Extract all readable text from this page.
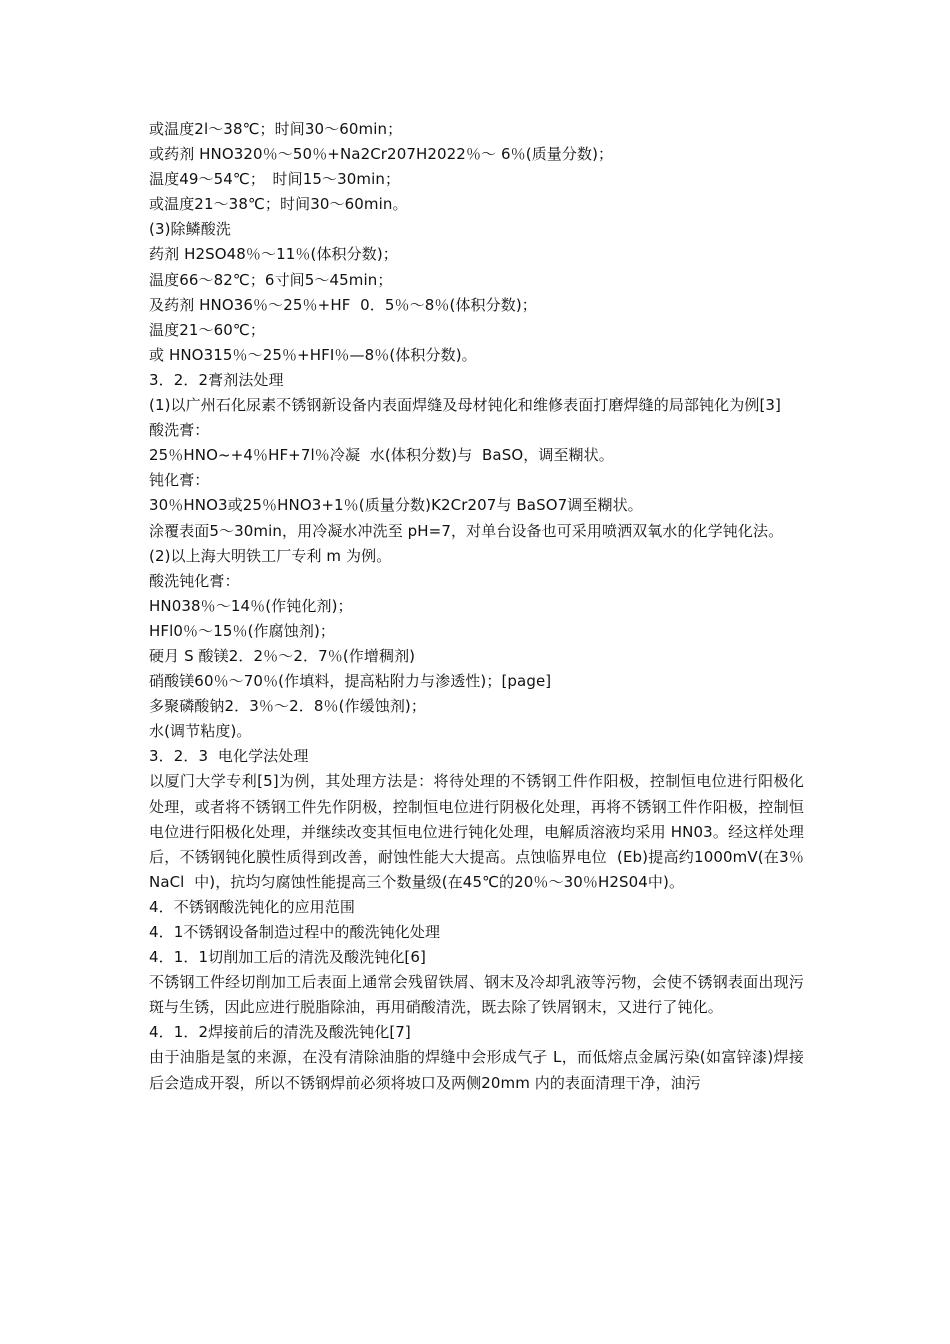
或温度2l～38℃；时间30～60min；

或药剂 HNO320％～50％+Na2Cr207H2022％～ 6％(质量分数)；

温度49～54℃；　时间15～30min；

或温度21～38℃；时间30～60min。

(3)除鳞酸洗

药剂 H2SO48％～11％(体积分数)；

温度66～82℃；6寸间5～45min；

及药剂 HNO36％～25％+HF  0．5％～8％(体积分数)；

温度21～60℃；

或 HNO315％～25％+HFI％—8％(体积分数)。

3．2．2膏剂法处理

(1)以广州石化尿素不锈钢新设备内表面焊缝及母材钝化和维修表面打磨焊缝的局部钝化为例[3]

酸洗膏：

25％HNO~+4％HF+7l％冷凝  水(体积分数)与  BaSO，调至糊状。

钝化膏：

30％HNO3或25％HNO3+1％(质量分数)K2Cr207与 BaSO7调至糊状。

涂覆表面5～30min，用冷凝水冲洗至 pH=7，对单台设备也可采用喷洒双氧水的化学钝化法。

(2)以上海大明铁工厂专利 m 为例。

酸洗钝化膏：

HN038％～14％(作钝化剂)；

HFl0％～15％(作腐蚀剂)；

硬月 S 酸镁2．2％～2．7％(作增稠剂)

硝酸镁60％～70％(作填料，提高粘附力与渗透性)；[page]

多聚磷酸钠2．3％～2．8％(作缓蚀剂)；

水(调节粘度)。

3．2．3  电化学法处理

以厦门大学专利[5]为例，其处理方法是：将待处理的不锈钢工件作阳极，控制恒电位进行阳极化处理，或者将不锈钢工件先作阴极，控制恒电位进行阴极化处理，再将不锈钢工件作阳极，控制恒电位进行阳极化处理，并继续改变其恒电位进行钝化处理，电解质溶液均采用 HN03。经这样处理后，不锈钢钝化膜性质得到改善，耐蚀性能大大提高。点蚀临界电位  (Eb)提高约1000mV(在3％NaCl  中)，抗均匀腐蚀性能提高三个数量级(在45℃的20％～30％H2S04中)。

4．不锈钢酸洗钝化的应用范围

4．1不锈钢设备制造过程中的酸洗钝化处理

4．1．1切削加工后的清洗及酸洗钝化[6]

不锈钢工件经切削加工后表面上通常会残留铁屑、钢末及冷却乳液等污物，会使不锈钢表面出现污斑与生锈，因此应进行脱脂除油，再用硝酸清洗，既去除了铁屑钢末，又进行了钝化。

4．1．2焊接前后的清洗及酸洗钝化[7]

由于油脂是氢的来源，在没有清除油脂的焊缝中会形成气孑 L，而低熔点金属污染(如富锌漆)焊接后会造成开裂，所以不锈钢焊前必须将坡口及两侧20mm 内的表面清理干净，油污
